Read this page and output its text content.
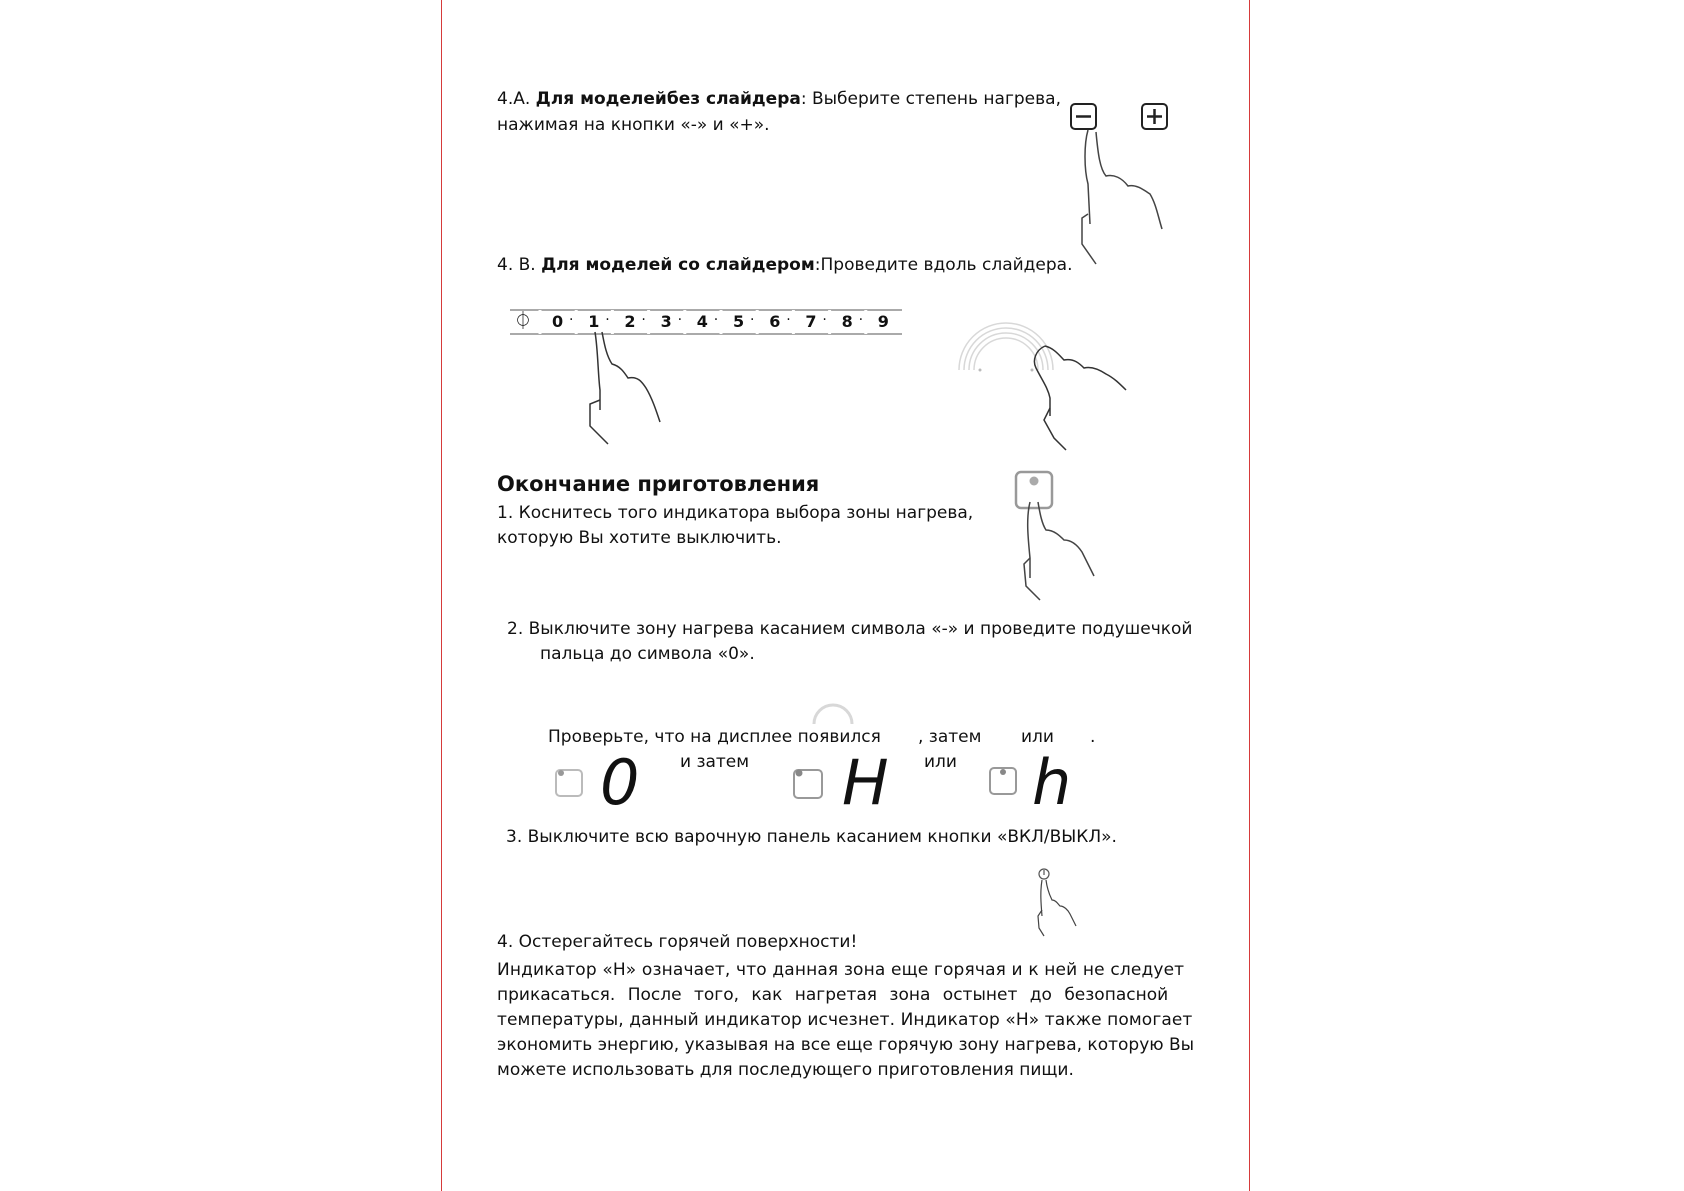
4.А. Для моделейбез слайдера: Выберите степень нагрева,
нажимая на кнопки «-» и «+».
4. В. Для моделей со слайдером:Проведите вдоль слайдера.
⏀ 0 · 1 · 2 · 3 · 4 · 5 · 6 · 7 · 8 · 9
Окончание приготовления
1. Коснитесь того индикатора выбора зоны нагрева,
которую Вы хотите выключить.
2. Выключите зону нагрева касанием символа «-» и проведите подушечкой
пальца до символа «0».
Проверьте, что на дисплее появился , затем или .
и затем	или
0	H h
3. Выключите всю варочную панель касанием кнопки «ВКЛ/ВЫКЛ».
4. Остерегайтесь горячей поверхности!
Индикатор «Н» означает, что данная зона еще горячая и к ней не следует
прикасаться. После того, как нагретая зона остынет до безопасной
температуры, данный индикатор исчезнет. Индикатор «Н» также помогает
экономить энергию, указывая на все еще горячую зону нагрева, которую Вы
можете использовать для последующего приготовления пищи.
